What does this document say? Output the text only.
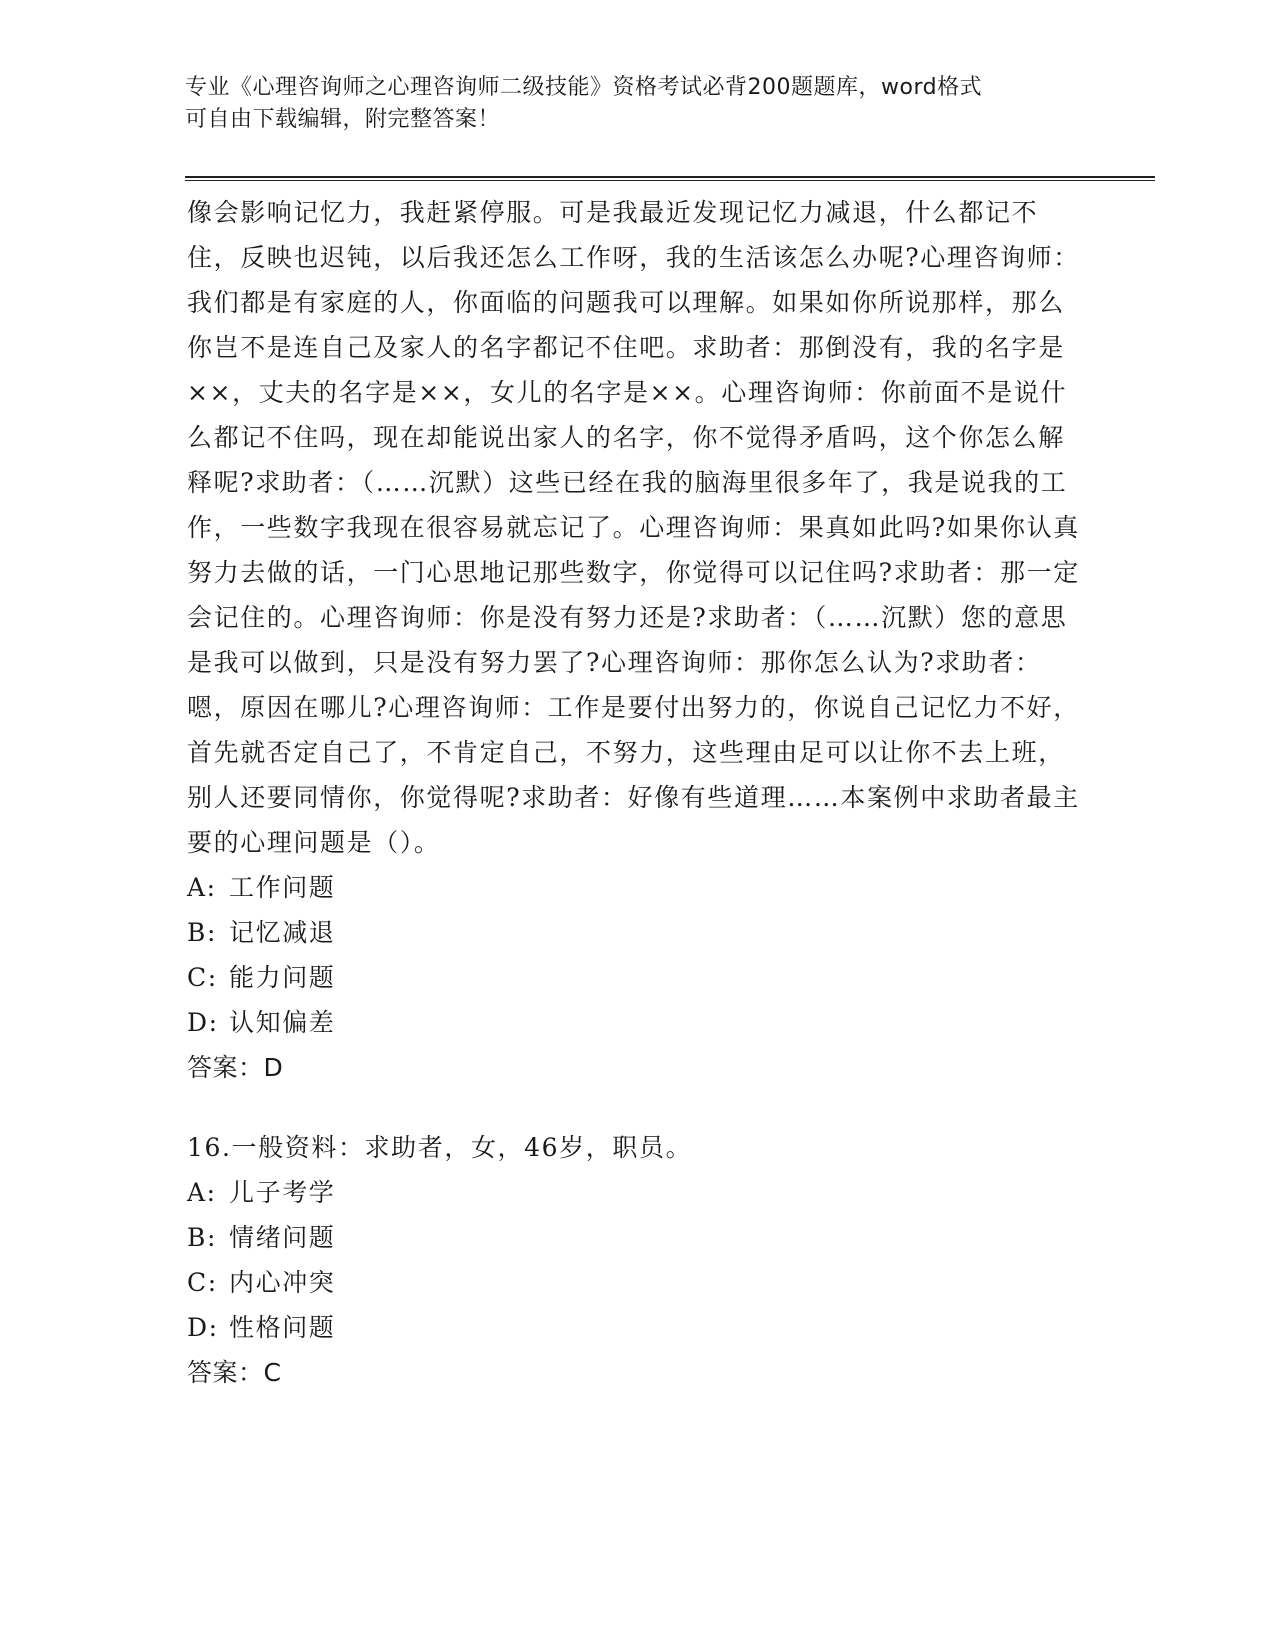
专业《心理咨询师之心理咨询师二级技能》资格考试必背200题题库，word格式
可自由下载编辑，附完整答案！

像会影响记忆力，我赶紧停服。可是我最近发现记忆力减退，什么都记不住，反映也迟钝，以后我还怎么工作呀，我的生活该怎么办呢?心理咨询师：我们都是有家庭的人，你面临的问题我可以理解。如果如你所说那样，那么你岂不是连自己及家人的名字都记不住吧。求助者：那倒没有，我的名字是××，丈夫的名字是××，女儿的名字是××。心理咨询师：你前面不是说什么都记不住吗，现在却能说出家人的名字，你不觉得矛盾吗，这个你怎么解释呢?求助者：（……沉默）这些已经在我的脑海里很多年了，我是说我的工作，一些数字我现在很容易就忘记了。心理咨询师：果真如此吗?如果你认真努力去做的话，一门心思地记那些数字，你觉得可以记住吗?求助者：那一定会记住的。心理咨询师：你是没有努力还是?求助者：（……沉默）您的意思是我可以做到，只是没有努力罢了?心理咨询师：那你怎么认为?求助者：嗯，原因在哪儿?心理咨询师：工作是要付出努力的，你说自己记忆力不好，首先就否定自己了，不肯定自己，不努力，这些理由足可以让你不去上班，别人还要同情你，你觉得呢?求助者：好像有些道理……本案例中求助者最主要的心理问题是（）。

A: 工作问题
B: 记忆减退
C: 能力问题
D: 认知偏差
答案：D

16.一般资料：求助者，女，46岁，职员。

A: 儿子考学
B: 情绪问题
C: 内心冲突
D: 性格问题
答案：C
